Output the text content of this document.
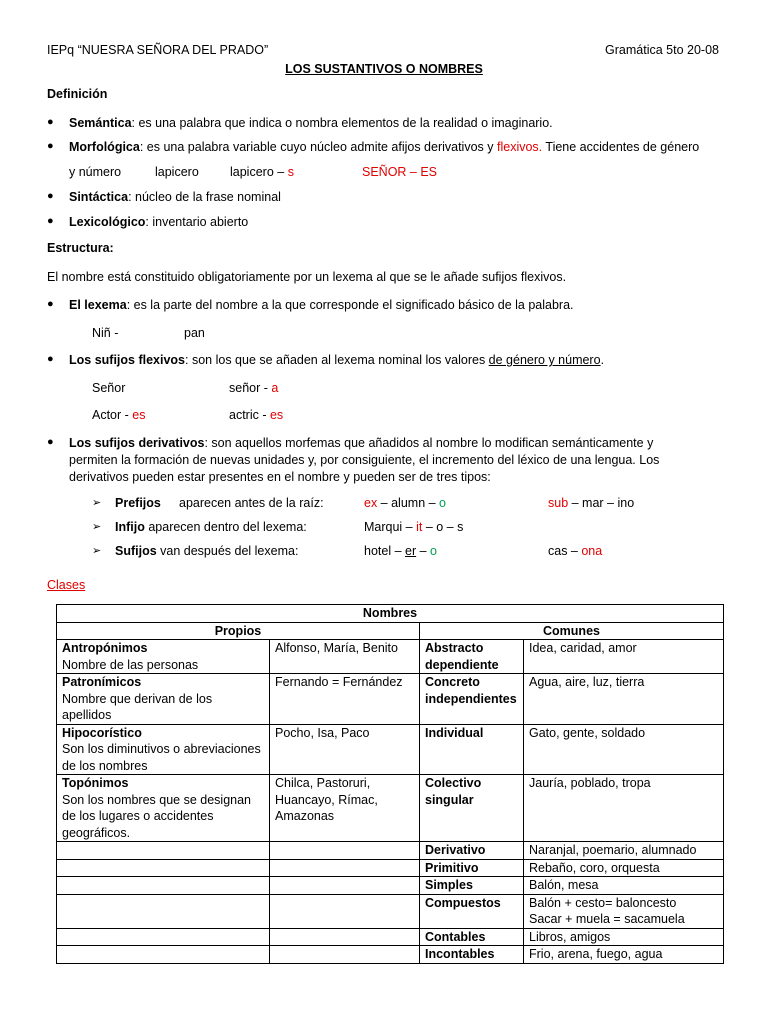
IEPq “NUESRA SEÑORA DEL PRADO”	Gramática 5to 20-08
LOS SUSTANTIVOS O NOMBRES
Definición
● Semántica: es una palabra que indica o nombra elementos de la realidad o imaginario.
● Morfológica: es una palabra variable cuyo núcleo admite afijos derivativos y flexivos. Tiene accidentes de género
y número	lapicero lapicero – s	SEÑOR – ES
● Sintáctica: núcleo de la frase nominal
● Lexicológico: inventario abierto
Estructura:
El nombre está constituido obligatoriamente por un lexema al que se le añade sufijos flexivos.
● El lexema: es la parte del nombre a la que corresponde el significado básico de la palabra.
Niñ -	pan
● Los sufijos flexivos: son los que se añaden al lexema nominal los valores de género y número.
Señor	señor - a
Actor - es	actric - es
● Los sufijos derivativos: son aquellos morfemas que añadidos al nombre lo modifican semánticamente y
permiten la formación de nuevas unidades y, por consiguiente, el incremento del léxico de una lengua. Los
derivativos pueden estar presentes en el nombre y pueden ser de tres tipos:
➢ Prefijos aparecen antes de la raíz:	ex – alumn – o	sub – mar – ino
➢ Infijo aparecen dentro del lexema:	Marqui – it – o – s
➢ Sufijos van después del lexema:	hotel – er – o	cas – ona
Clases
Nombres			
Propios		Comunes	

Antropónimos
Nombre de las personas	Alfonso, María, Benito	Abstracto dependiente	Idea, caridad, amor

Patronímicos
Nombre que derivan de los apellidos	Fernando = Fernández	Concreto independientes	Agua, aire, luz, tierra

Hipocorístico
Son los diminutivos o abreviaciones de los nombres	Pocho, Isa, Paco	Individual	Gato, gente, soldado

Topónimos
Son los nombres que se designan de los lugares o accidentes geográficos.	Chilca, Pastoruri, Huancayo, Rímac, Amazonas	Colectivo singular	Jauría, poblado, tropa

		Derivativo	Naranjal, poemario, alumnado

		Primitivo	Rebaño, coro, orquesta

		Simples	Balón, mesa

		Compuestos	Balón + cesto= baloncesto
Sacar + muela = sacamuela

		Contables	Libros, amigos

		Incontables	Frio, arena, fuego, agua
